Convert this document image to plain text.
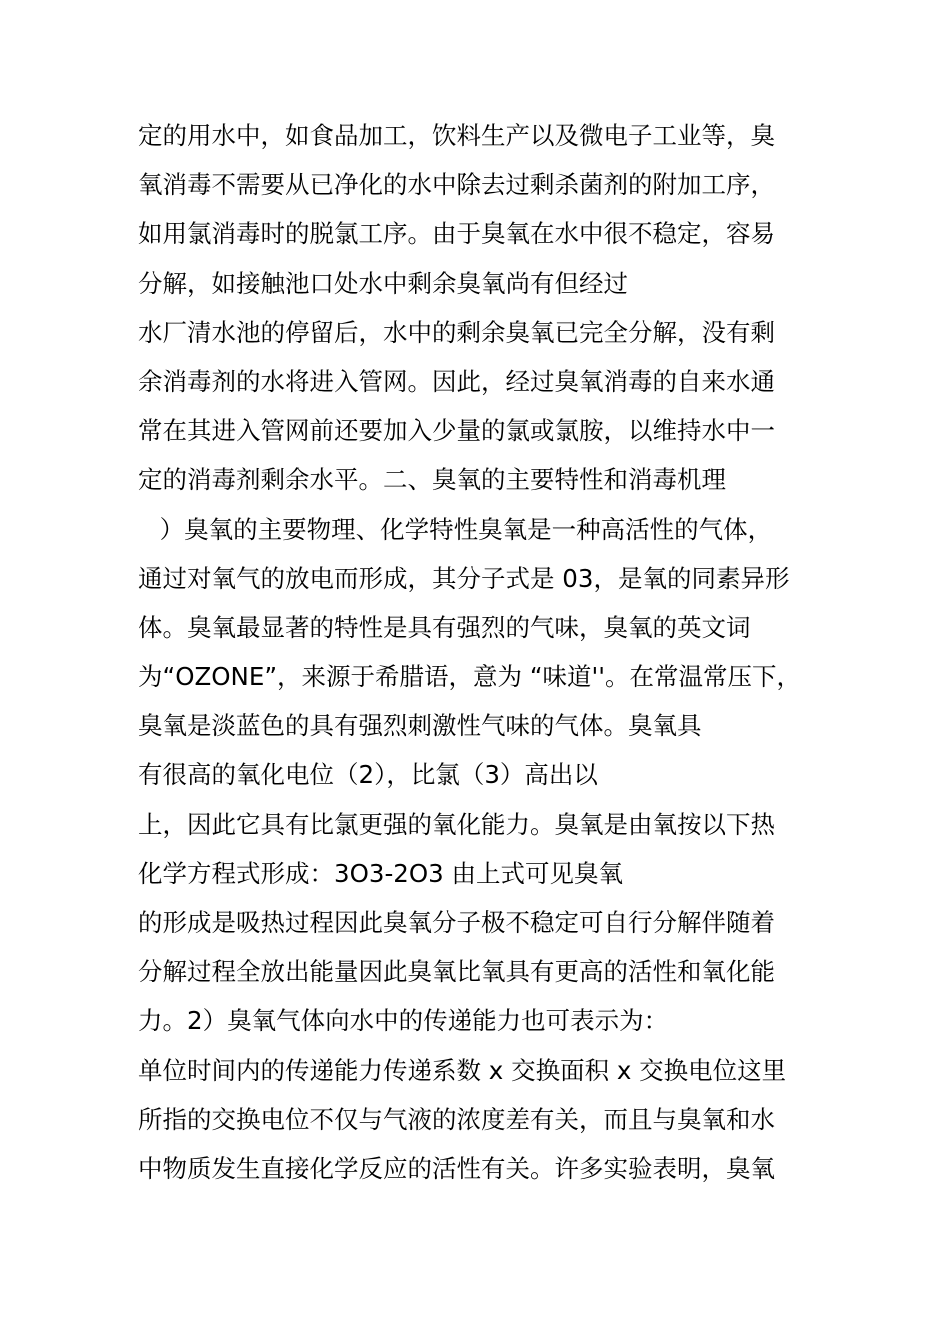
定的用水中，如食品加工，饮料生产以及微电子工业等，臭
氧消毒不需要从已净化的水中除去过剩杀菌剂的附加工序，
如用氯消毒时的脱氯工序。由于臭氧在水中很不稳定，容易
分解，如接触池口处水中剩余臭氧尚有但经过
水厂清水池的停留后，水中的剩余臭氧已完全分解，没有剩
余消毒剂的水将进入管网。因此，经过臭氧消毒的自来水通
常在其进入管网前还要加入少量的氯或氯胺，以维持水中一
定的消毒剂剩余水平。二、臭氧的主要特性和消毒机理
）臭氧的主要物理、化学特性臭氧是一种高活性的气体，
通过对氧气的放电而形成，其分子式是 03，是氧的同素异形
体。臭氧最显著的特性是具有强烈的气味，臭氧的英文词
为“OZONE”，来源于希腊语，意为 “味道''。在常温常压下，
臭氧是淡蓝色的具有强烈刺激性气味的气体。臭氧具
有很高的氧化电位（2），比氯（3）高出以
上，因此它具有比氯更强的氧化能力。臭氧是由氧按以下热
化学方程式形成：3O3-2O3 由上式可见臭氧
的形成是吸热过程因此臭氧分子极不稳定可自行分解伴随着
分解过程全放出能量因此臭氧比氧具有更高的活性和氧化能
力。2）臭氧气体向水中的传递能力也可表示为：
单位时间内的传递能力传递系数 x 交换面积 x 交换电位这里
所指的交换电位不仅与气液的浓度差有关，而且与臭氧和水
中物质发生直接化学反应的活性有关。许多实验表明，臭氧
